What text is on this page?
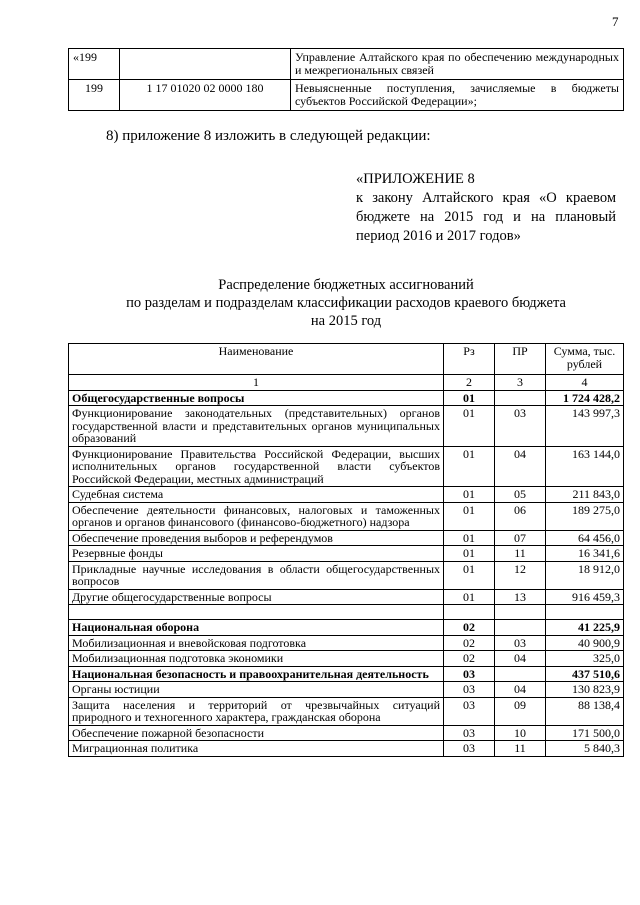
7
«199		Управление Алтайского края по обеспечению международных и межрегиональных связей
199	1 17 01020 02 0000 180	Невыясненные поступления, зачисляемые в бюджеты субъектов Российской Федерации»;
8) приложение 8 изложить в следующей редакции:
«ПРИЛОЖЕНИЕ 8
к закону Алтайского края «О краевом бюджете на 2015 год и на плановый период 2016 и 2017 годов»
Распределение бюджетных ассигнований
по разделам и подразделам классификации расходов краевого бюджета
на 2015 год
Наименование	Рз	ПР	Сумма, тыс. рублей
1	2	3	4
Общегосударственные вопросы	01		1 724 428,2
Функционирование законодательных (представительных) органов государственной власти и представительных органов муниципальных образований	01	03	143 997,3
Функционирование Правительства Российской Федерации, высших исполнительных органов государственной власти субъектов Российской Федерации, местных администраций	01	04	163 144,0
Судебная система	01	05	211 843,0
Обеспечение деятельности финансовых, налоговых и таможенных органов и органов финансового (финансово-бюджетного) надзора	01	06	189 275,0
Обеспечение проведения выборов и референдумов	01	07	64 456,0
Резервные фонды	01	11	16 341,6
Прикладные научные исследования в области общегосударственных вопросов	01	12	18 912,0
Другие общегосударственные вопросы	01	13	916 459,3

Национальная оборона	02		41 225,9
Мобилизационная и вневойсковая подготовка	02	03	40 900,9
Мобилизационная подготовка экономики	02	04	325,0
Национальная безопасность и правоохранительная деятельность	03		437 510,6
Органы юстиции	03	04	130 823,9
Защита населения и территорий от чрезвычайных ситуаций природного и техногенного характера, гражданская оборона	03	09	88 138,4
Обеспечение пожарной безопасности	03	10	171 500,0
Миграционная политика	03	11	5 840,3
